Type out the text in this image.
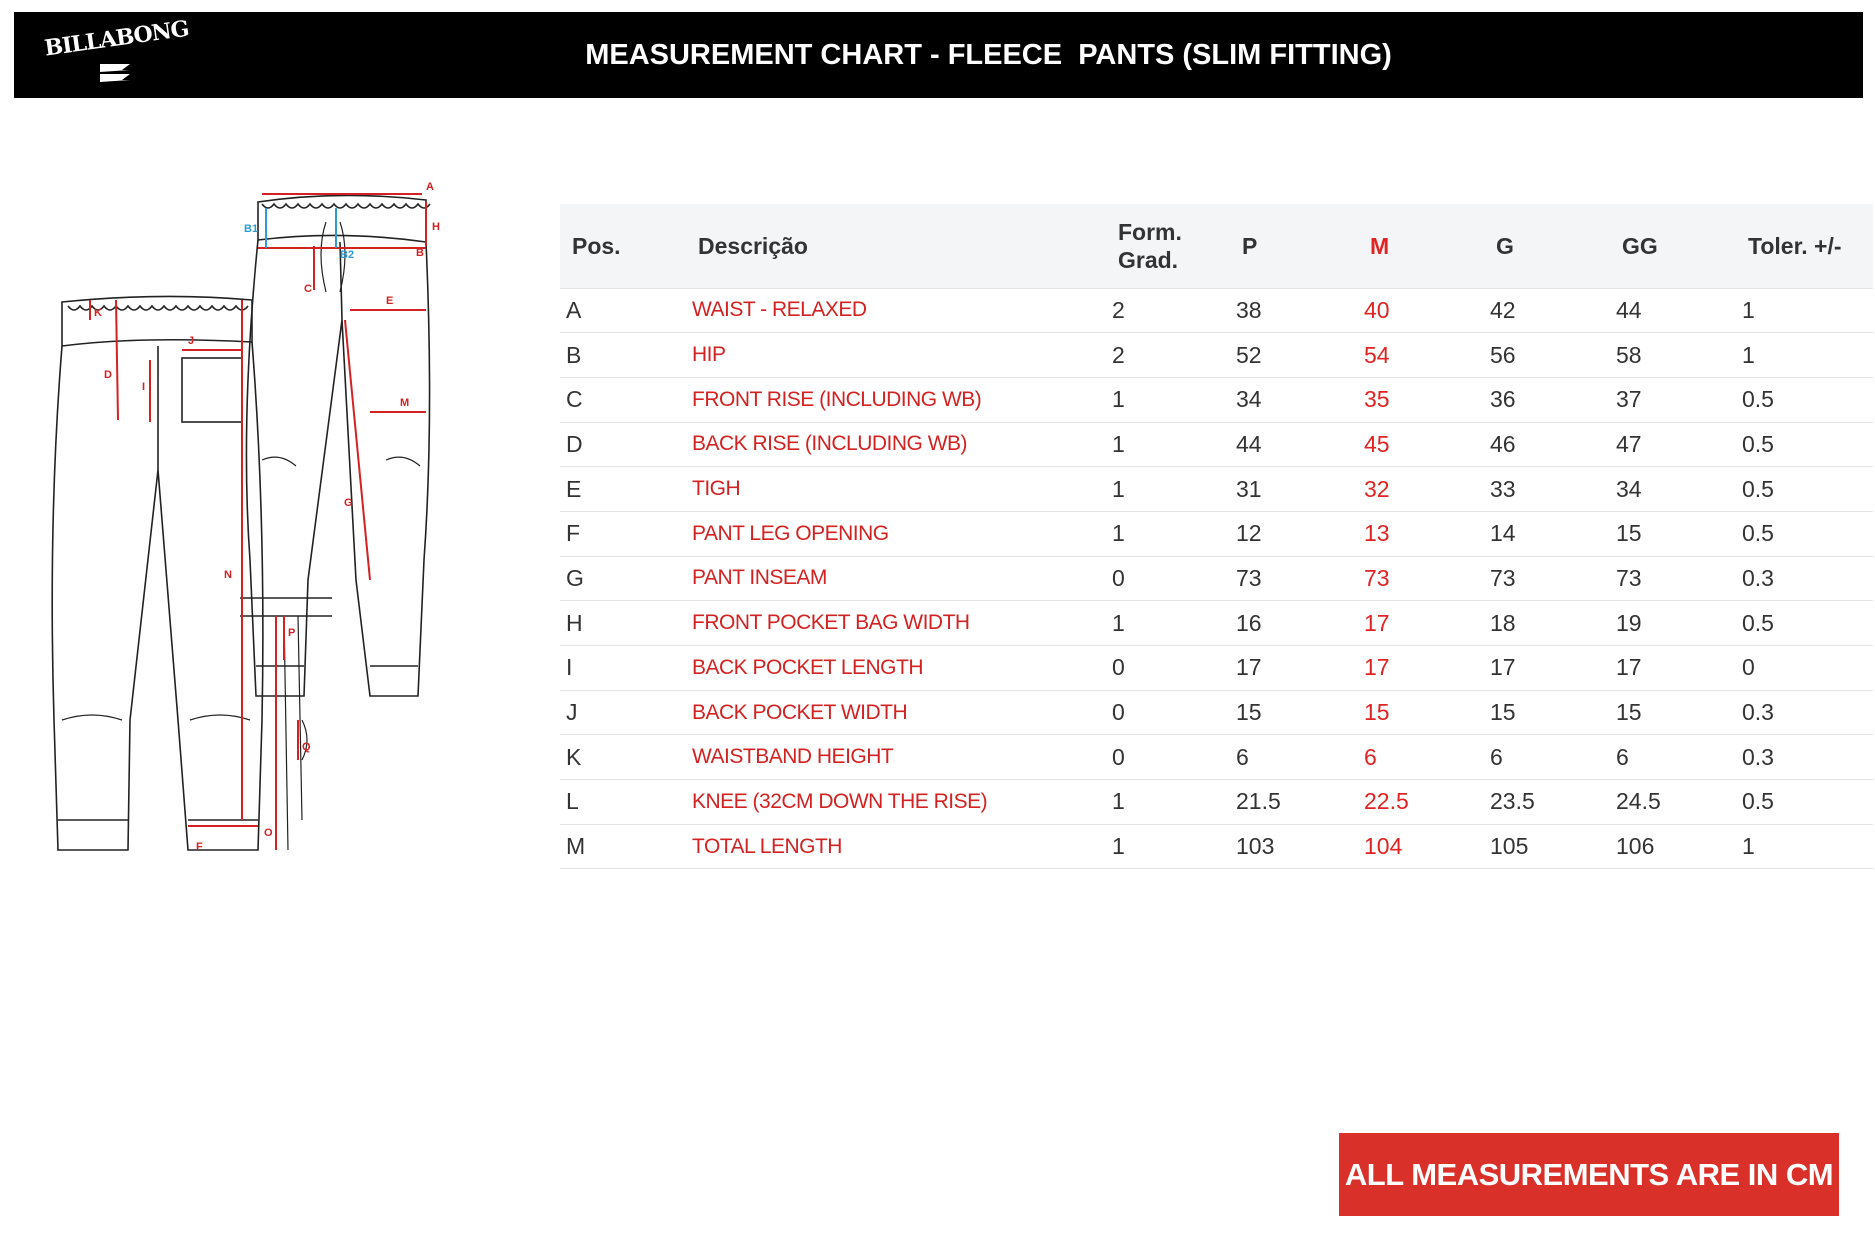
BILLABONG	MEASUREMENT CHART - FLEECE  PANTS (SLIM FITTING)
A
B1
B2
H
C
B
E
M
G
D
I
J
K
N
F
P
Q
O
Pos.	Descrição	Form. Grad.	P	M	G	GG	Toler. +/-
A	WAIST - RELAXED	2	38	40	42	44	1
B	HIP	2	52	54	56	58	1
C	FRONT RISE (INCLUDING WB)	1	34	35	36	37	0.5
D	BACK RISE (INCLUDING WB)	1	44	45	46	47	0.5
E	TIGH	1	31	32	33	34	0.5
F	PANT LEG OPENING	1	12	13	14	15	0.5
G	PANT INSEAM	0	73	73	73	73	0.3
H	FRONT POCKET BAG WIDTH	1	16	17	18	19	0.5
I	BACK POCKET LENGTH	0	17	17	17	17	0
J	BACK POCKET WIDTH	0	15	15	15	15	0.3
K	WAISTBAND HEIGHT	0	6	6	6	6	0.3
L	KNEE (32CM DOWN THE RISE)	1	21.5	22.5	23.5	24.5	0.5
M	TOTAL LENGTH	1	103	104	105	106	1
ALL MEASUREMENTS ARE IN CM
